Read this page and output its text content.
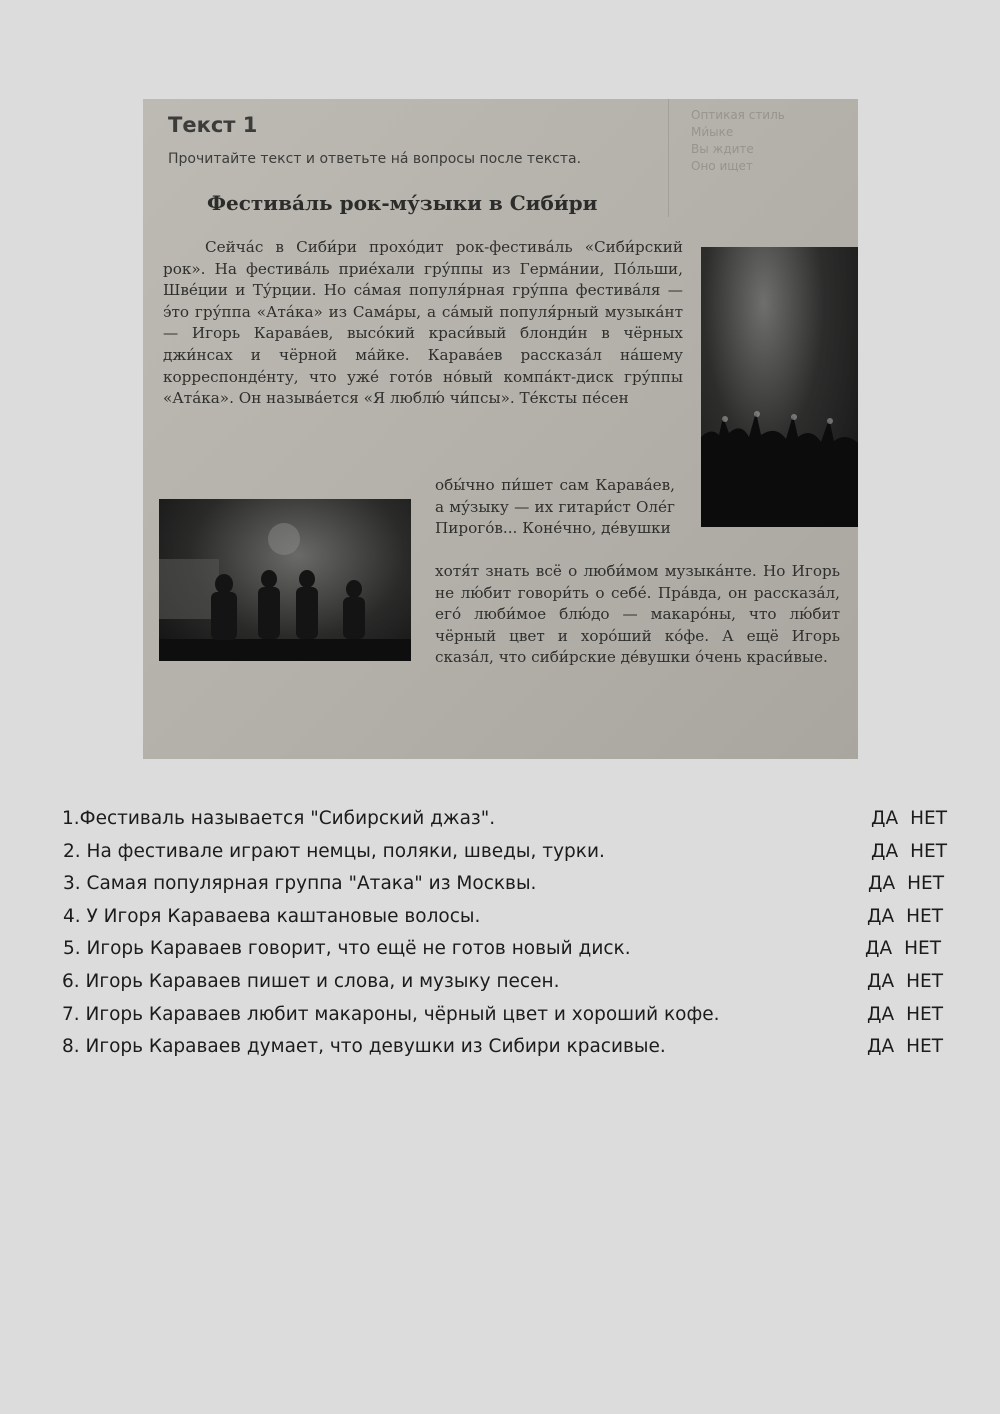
Оптикая стиль
Ми́ыке
Вы ждите
Оно ищет
Текст 1
Прочитайте текст и ответьте на́ вопросы после текста.
Фестива́ль рок-му́зыки в Сиби́ри
Сейча́с в Сиби́ри прохо́дит рок-фестива́ль «Сиби́рский рок». На фестива́ль прие́хали гру́ппы из Герма́нии, По́льши, Шве́ции и Ту́рции. Но са́мая популя́рная гру́ппа фестива́ля — э́то гру́ппа «Ата́ка» из Сама́ры, а са́мый популя́рный музыка́нт — Игорь Карава́ев, высо́кий краси́вый блонди́н в чёрных джи́нсах и чёрной ма́йке. Карава́ев рассказа́л на́шему корреспонде́нту, что уже́ гото́в но́вый компа́кт-диск гру́ппы «Ата́ка». Он называ́ется «Я люблю́ чи́псы». Те́ксты пе́сен
обы́чно пи́шет сам Карава́ев, а му́зыку — их гитари́ст Оле́г Пирого́в... Коне́чно, де́вушки
хотя́т знать всё о люби́мом музыка́нте. Но Игорь не лю́бит говори́ть о себе́. Пра́вда, он рассказа́л, его́ люби́мое блю́до — макаро́ны, что лю́бит чёрный цвет и хоро́ший ко́фе. А ещё Игорь сказа́л, что сиби́рские де́вушки о́чень краси́вые.
1.Фестиваль называется "Сибирский джаз".	ДА НЕТ
2. На фестивале играют немцы, поляки, шведы, турки.	ДА НЕТ
3. Самая популярная группа "Атака" из Москвы.	ДА НЕТ
4. У Игоря Караваева каштановые волосы.	ДА НЕТ
5. Игорь Караваев говорит, что ещё не готов новый диск.	ДА НЕТ
6. Игорь Караваев пишет и слова, и музыку песен.	ДА НЕТ
7. Игорь Караваев любит макароны, чёрный цвет и хороший кофе.	ДА НЕТ
8. Игорь Караваев думает, что девушки из Сибири красивые.	ДА НЕТ
